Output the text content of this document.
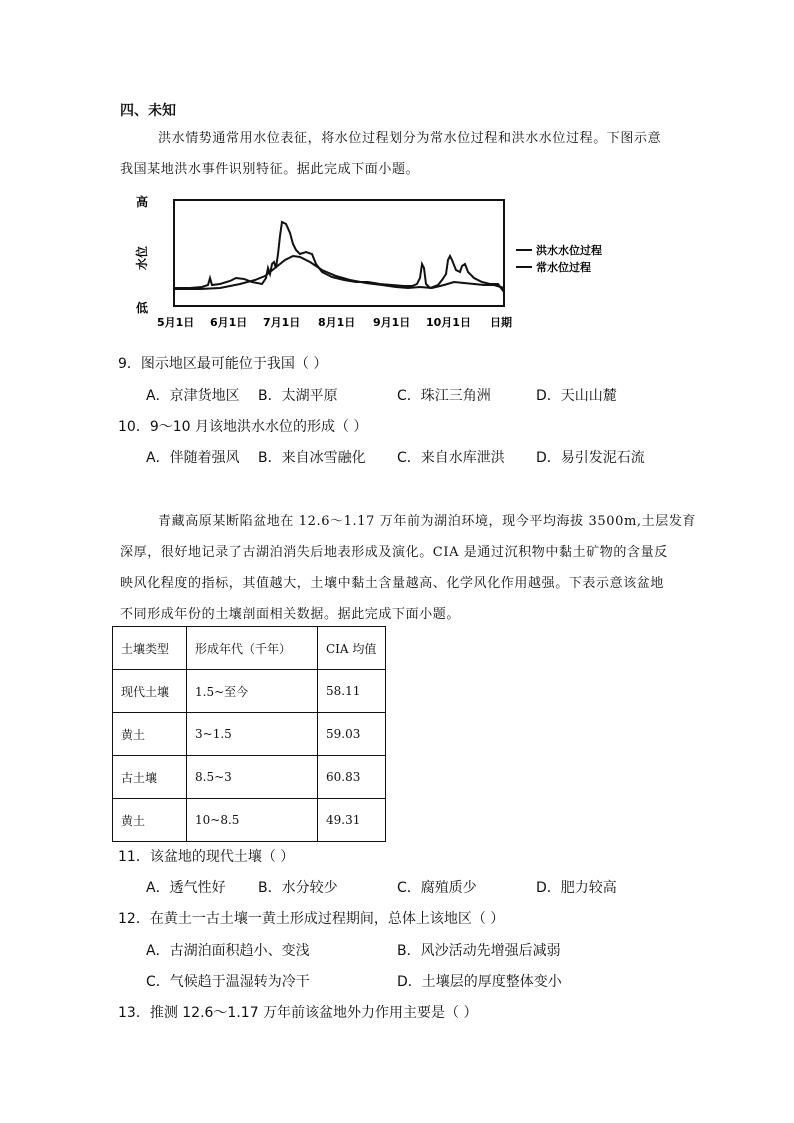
四、未知
洪水情势通常用水位表征，将水位过程划分为常水位过程和洪水水位过程。下图示意
我国某地洪水事件识别特征。据此完成下面小题。
高
低
水位
5月1日 6月1日 7月1日 8月1日 9月1日 10月1日 日期
洪水水位过程
常水位过程
9．图示地区最可能位于我国（ ）
A．京津货地区 B．太湖平原	C．珠江三角洲	D．天山山麓
10．9～10 月该地洪水水位的形成（ ）
A．伴随着强风 B．来自冰雪融化 C．来自水库泄洪 D．易引发泥石流
青藏高原某断陷盆地在 12.6～1.17 万年前为湖泊环境，现今平均海拔 3500m,土层发育
深厚，很好地记录了古湖泊消失后地表形成及演化。CIA 是通过沉积物中黏土矿物的含量反
映风化程度的指标，其值越大，土壤中黏土含量越高、化学风化作用越强。下表示意该盆地
不同形成年份的土壤剖面相关数据。据此完成下面小题。
土壤类型	形成年代（千年）	CIA 均值
现代土壤	1.5~至今	58.11
黄土	3~1.5	59.03
古土壤	8.5~3	60.83
黄土	10~8.5	49.31
11．该盆地的现代土壤（ ）
A．透气性好 B．水分较少	C．腐殖质少	D．肥力较高
12．在黄土一古土壤一黄土形成过程期间，总体上该地区（ ）
A．古湖泊面积趋小、变浅	B．风沙活动先增强后减弱
C．气候趋于温湿转为冷干	D．土壤层的厚度整体变小
13．推测 12.6～1.17 万年前该盆地外力作用主要是（ ）
